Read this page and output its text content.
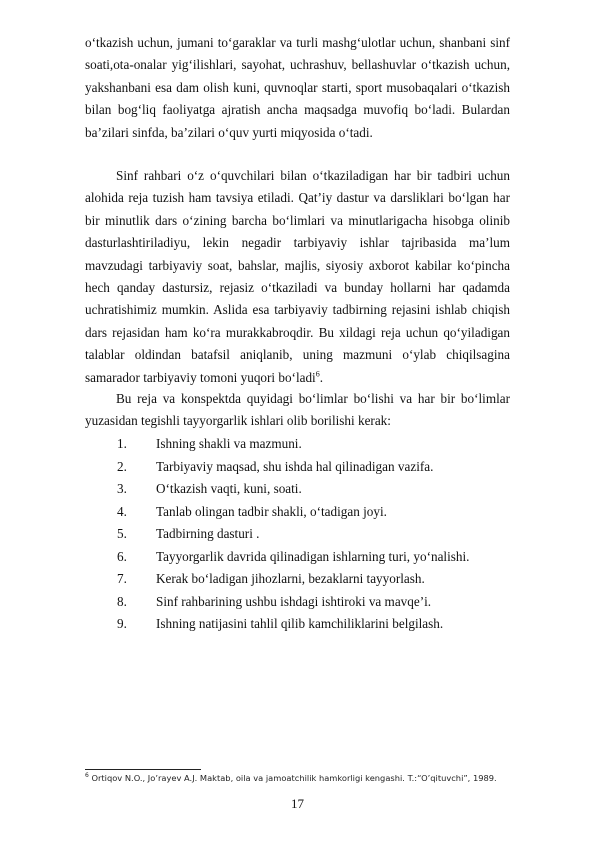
o‘tkazish uchun, jumani to‘garaklar va turli mashg‘ulotlar uchun, shanbani sinf soati,ota-onalar yig‘ilishlari, sayohat, uchrashuv, bellashuvlar o‘tkazish uchun, yakshanbani esa dam olish kuni, quvnoqlar starti, sport musobaqalari o‘tkazish bilan bog‘liq faoliyatga ajratish ancha maqsadga muvofiq bo‘ladi. Bulardan ba’zilari sinfda, ba’zilari o‘quv yurti miqyosida o‘tadi.

Sinf rahbari o‘z o‘quvchilari bilan o‘tkaziladigan har bir tadbiri uchun alohida reja tuzish ham tavsiya etiladi. Qat’iy dastur va darsliklari bo‘lgan har bir minutlik dars o‘zining barcha bo‘limlari va minutlarigacha hisobga olinib dasturlashtiriladiyu, lekin negadir tarbiyaviy ishlar tajribasida ma’lum mavzudagi tarbiyaviy soat, bahslar, majlis, siyosiy axborot kabilar ko‘pincha hech qanday dastursiz, rejasiz o‘tkaziladi va bunday hollarni har qadamda uchratishimiz mumkin. Aslida esa tarbiyaviy tadbirning rejasini ishlab chiqish dars rejasidan ham ko‘ra murakkabroqdir. Bu xildagi reja uchun qo‘yiladigan talablar oldindan batafsil aniqlanib, uning mazmuni o‘ylab chiqilsagina samarador tarbiyaviy tomoni yuqori bo‘ladi$^6$.

Bu reja va konspektda quyidagi bo‘limlar bo‘lishi va har bir bo‘limlar yuzasidan tegishli tayyorgarlik ishlari olib borilishi kerak:

1. Ishning shakli va mazmuni.
2. Tarbiyaviy maqsad, shu ishda hal qilinadigan vazifa.
3. O‘tkazish vaqti, kuni, soati.
4. Tanlab olingan tadbir shakli, o‘tadigan joyi.
5. Tadbirning dasturi .
6. Tayyorgarlik davrida qilinadigan ishlarning turi, yo‘nalishi.
7. Kerak bo‘ladigan jihozlarni, bezaklarni tayyorlash.
8. Sinf rahbarining ushbu ishdagi ishtiroki va mavqe’i.
9. Ishning natijasini tahlil qilib kamchiliklarini belgilash.
$^6$ Ortiqov N.O., Jo’rayev A.J. Maktab, oila va jamoatchilik hamkorligi kengashi. T.:“O’qituvchi”, 1989.
17
